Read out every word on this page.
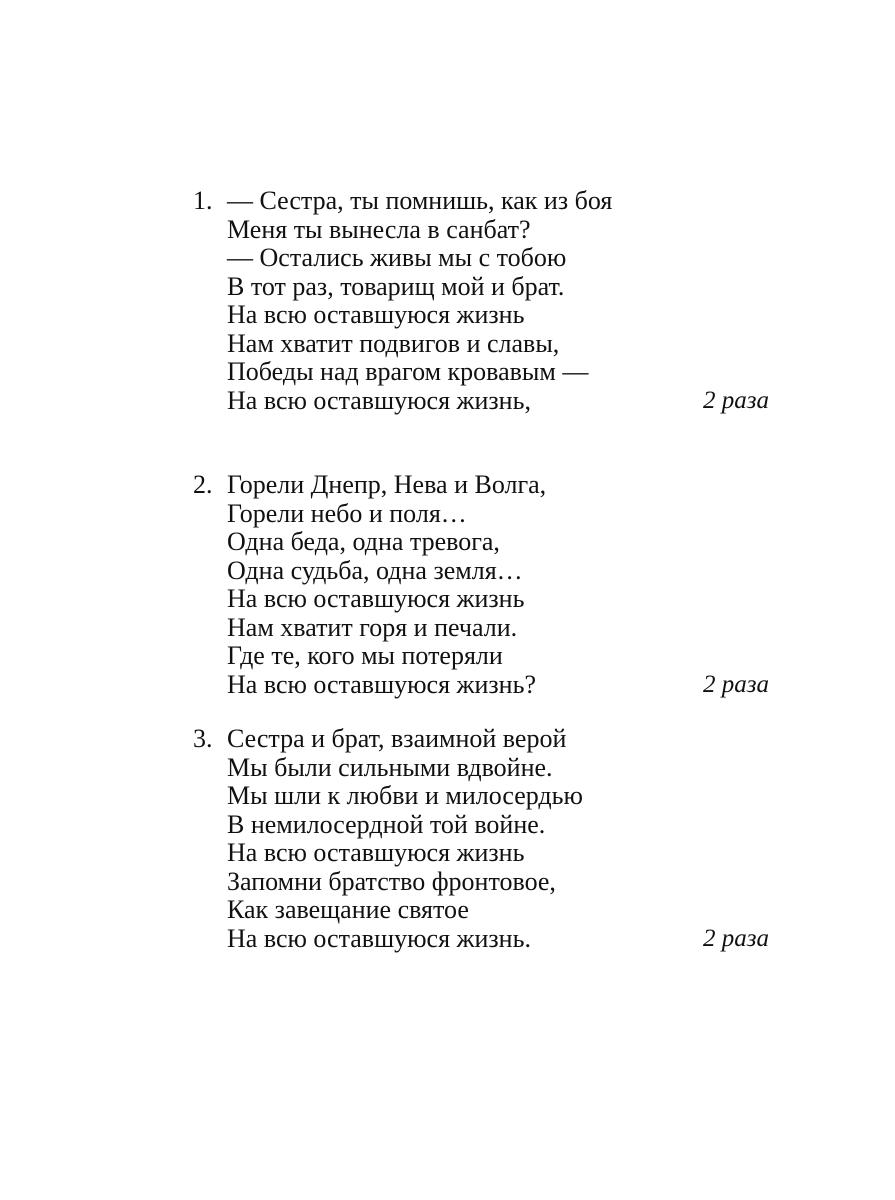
1. — Сестра, ты помнишь, как из боя
Меня ты вынесла в санбат?
— Остались живы мы с тобою
В тот раз, товарищ мой и брат.
На всю оставшуюся жизнь
Нам хватит подвигов и славы,
Победы над врагом кровавым —
На всю оставшуюся жизнь,	2 раза
2. Горели Днепр, Нева и Волга,
Горели небо и поля…
Одна беда, одна тревога,
Одна судьба, одна земля…
На всю оставшуюся жизнь
Нам хватит горя и печали.
Где те, кого мы потеряли
На всю оставшуюся жизнь?	2 раза
3. Сестра и брат, взаимной верой
Мы были сильными вдвойне.
Мы шли к любви и милосердью
В немилосердной той войне.
На всю оставшуюся жизнь
Запомни братство фронтовое,
Как завещание святое
На всю оставшуюся жизнь.	2 раза
